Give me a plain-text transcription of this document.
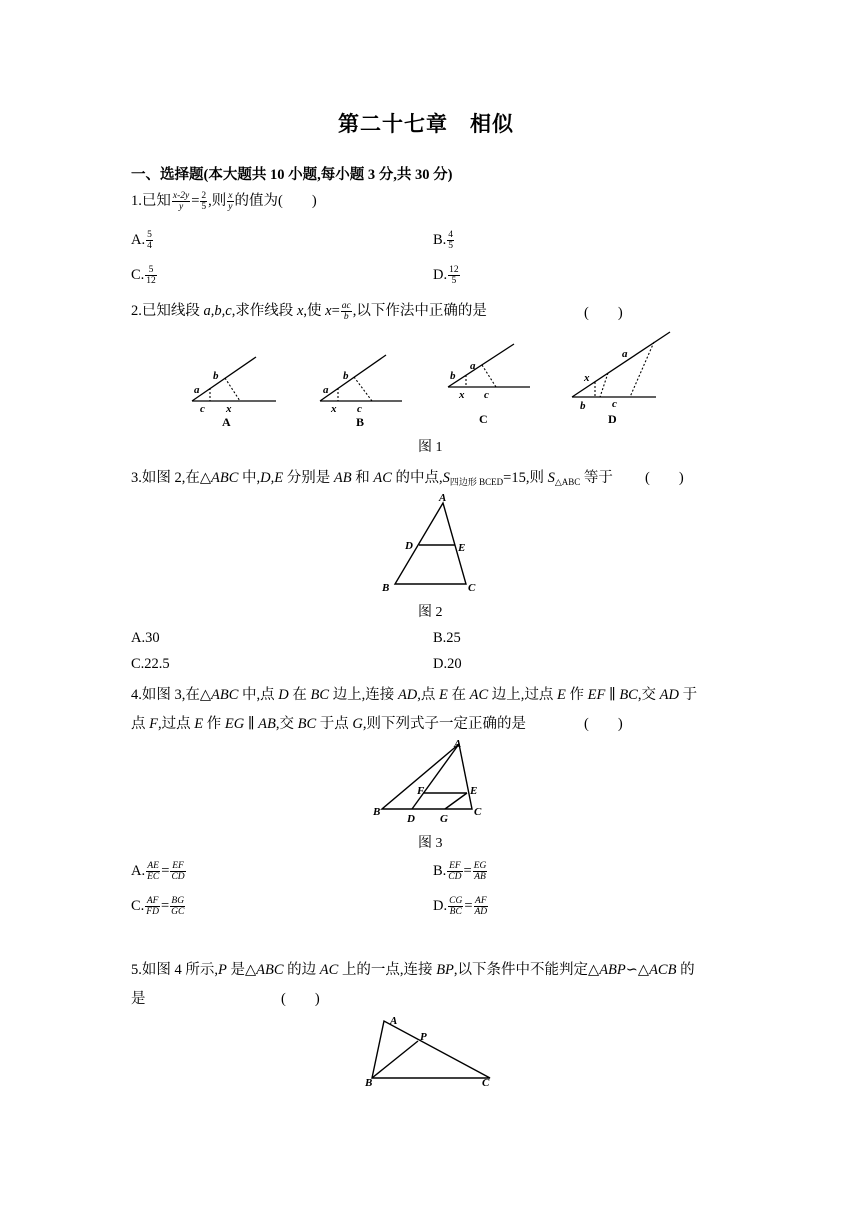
第二十七章　相似
一、选择题(本大题共 10 小题,每小题 3 分,共 30 分)
1.已知 $\frac{x-2y}{y} = \frac{2}{5}$ ,则 $\frac{x}{y}$ 的值为(　　)
A. $\frac{5}{4}$	B. $\frac{4}{5}$
C. $\frac{5}{12}$	D. $\frac{12}{5}$
2.已知线段 a,b,c,求作线段 x,使 $x= \frac{ac}{b}$ ,以下作法中正确的是	(　　)
a
b
c x
A
a
b
x c
B
b
a
x c
C
x
a
b c
D
图 1
3.如图 2,在△ABC 中,D,E 分别是 AB 和 AC 的中点$,S_{四边形 BCED}=15$,则 $S_{\triangle ABC}$ 等于 (　　)
A
D	E
B	C
图 2
A.30	B.25
C.22.5	D.20
4.如图 3,在△ABC 中,点 D 在 BC 边上,连接 AD,点 E 在 AC 边上,过点 E 作 EF ∥ BC,交 AD 于
点 F,过点 E 作 EG ∥ AB,交 BC 于点 G,则下列式子一定正确的是	(　　)
A
F	E
B
D G
C
图 3
A. $\frac{AE}{EC} = \frac{EF}{CD}$	B. $\frac{EF}{CD} = \frac{EG}{AB}$
C. $\frac{AF}{FD} = \frac{BG}{GC}$	D. $\frac{CG}{BC} = \frac{AF}{AD}$
5.如图 4 所示,P 是△ABC 的边 AC 上的一点,连接 BP,以下条件中不能判定△ABP∽△ACB 的
是	(　　)
A
P
B	C
